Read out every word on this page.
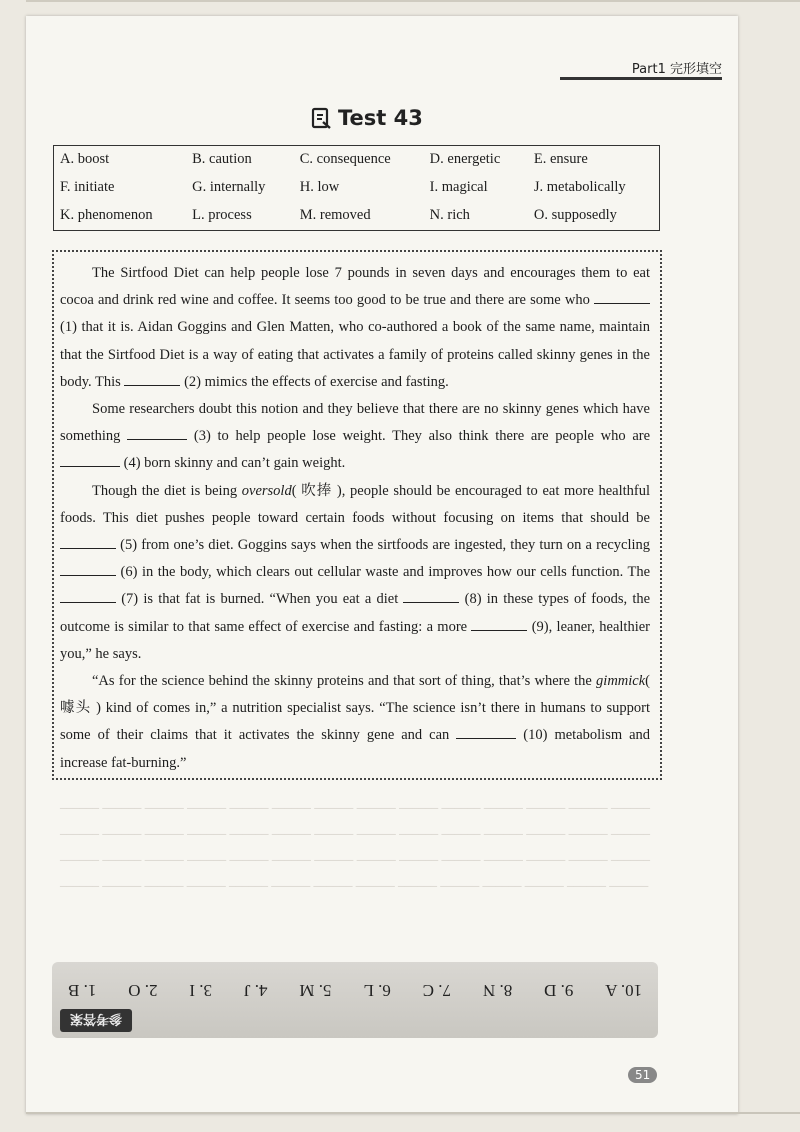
Part1 完形填空
Test 43
A. boost	B. caution	C. consequence	D. energetic	E. ensure
F. initiate	G. internally	H. low	I. magical	J. metabolically
K. phenomenon	L. process	M. removed	N. rich	O. supposedly

The Sirtfood Diet can help people lose 7 pounds in seven days and encourages them to eat cocoa and drink red wine and coffee. It seems too good to be true and there are some who  (1) that it is. Aidan Goggins and Glen Matten, who co-authored a book of the same name, maintain that the Sirtfood Diet is a way of eating that activates a family of proteins called skinny genes in the body. This	(2) mimics the effects of exercise and fasting.

Some researchers doubt this notion and they believe that there are no skinny genes which have something	(3) to help people lose weight. They also think there are people who are  (4) born skinny and can’t gain weight.

Though the diet is being oversold( 吹捧 ), people should be encouraged to eat more healthful foods. This diet pushes people toward certain foods without focusing on items that should be  (5) from one’s diet. Goggins says when the sirtfoods are ingested, they turn on a recycling  (6) in the body, which clears out cellular waste and improves how our cells function. The  (7) is that fat is burned. “When you eat a diet	(8) in these types of foods, the outcome is similar to that same effect of exercise and fasting: a more	(9), leaner, healthier you,” he says.

“As for the science behind the skinny proteins and that sort of thing, that’s where the gimmick( 噱头 ) kind of comes in,” a nutrition specialist says. “The science isn’t there in humans to support some of their claims that it activates the skinny gene and can	(10) metabolism and increase fat-burning.”

______ ______ ______ ______ ______ ______ ______ ______ ______ ______ ______ ______ ______ ______ ______ ______ ______ ______ ______ ______ ______ ______ ______ ______ ______ ______ ______ ______ ______ ______ ______ ______ ______ ______ ______ ______ ______ ______ ______ ______ ______ ______ ______ ______ ______ ______ ______ ______ ______ ______ ______ ______ ______ ______ ______ ______
1. B 2. O 3. I 4. J 5. M 6. L 7. C 8. N 9. D 10. A
参考答案
51
